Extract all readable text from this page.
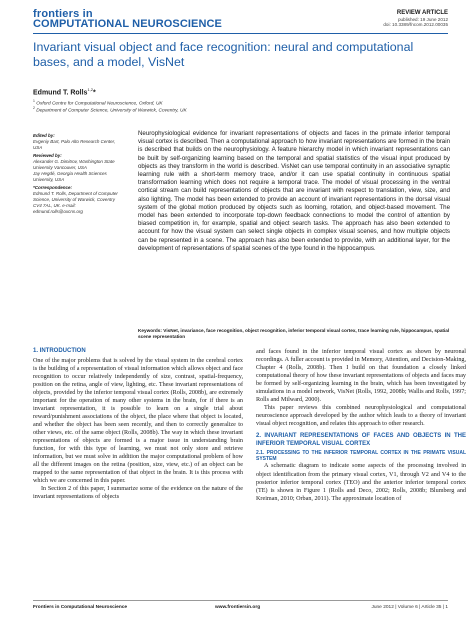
frontiers in
COMPUTATIONAL NEUROSCIENCE
REVIEW ARTICLE
published: 19 June 2012
doi: 10.3389/fncom.2012.00035
Invariant visual object and face recognition: neural and computational bases, and a model, VisNet
Edmund T. Rolls$^{1,2}$*
$^1$ Oxford Centre for Computational Neuroscience, Oxford, UK
$^2$ Department of Computer Science, University of Warwick, Coventry, UK
Edited by:
Evgeniy Bart, Palo Alto Research Center, USA
Reviewed by:
Alexander G. Dimitrov, Washington State University Vancouver, USA
Jay Hegdé, Georgia Health Sciences University, USA
*Correspondence:
Edmund T. Rolls, Department of Computer Science, University of Warwick, Coventry CV4 7AL, UK. e-mail: edmund.rolls@oxcns.org
Neurophysiological evidence for invariant representations of objects and faces in the primate inferior temporal visual cortex is described. Then a computational approach to how invariant representations are formed in the brain is described that builds on the neurophysiology. A feature hierarchy model in which invariant representations can be built by self-organizing learning based on the temporal and spatial statistics of the visual input produced by objects as they transform in the world is described. VisNet can use temporal continuity in an associative synaptic learning rule with a short-term memory trace, and/or it can use spatial continuity in continuous spatial transformation learning which does not require a temporal trace. The model of visual processing in the ventral cortical stream can build representations of objects that are invariant with respect to translation, view, size, and also lighting. The model has been extended to provide an account of invariant representations in the dorsal visual system of the global motion produced by objects such as looming, rotation, and object-based movement. The model has been extended to incorporate top-down feedback connections to model the control of attention by biased competition in, for example, spatial and object search tasks. The approach has also been extended to account for how the visual system can select single objects in complex visual scenes, and how multiple objects can be represented in a scene. The approach has also been extended to provide, with an additional layer, for the development of representations of spatial scenes of the type found in the hippocampus.
Keywords: VisNet, invariance, face recognition, object recognition, inferior temporal visual cortex, trace learning rule, hippocampus, spatial scene representation
1. INTRODUCTION
One of the major problems that is solved by the visual system in the cerebral cortex is the building of a representation of visual information which allows object and face recognition to occur relatively independently of size, contrast, spatial-frequency, position on the retina, angle of view, lighting, etc. These invariant representations of objects, provided by the inferior temporal visual cortex (Rolls, 2008b), are extremely important for the operation of many other systems in the brain, for if there is an invariant representation, it is possible to learn on a single trial about reward/punishment associations of the object, the place where that object is located, and whether the object has been seen recently, and then to correctly generalize to other views, etc. of the same object (Rolls, 2008b). The way in which these invariant representations of objects are formed is a major issue in understanding brain function, for with this type of learning, we must not only store and retrieve information, but we must solve in addition the major computational problem of how all the different images on the retina (position, size, view, etc.) of an object can be mapped to the same representation of that object in the brain. It is this process with which we are concerned in this paper.
In Section 2 of this paper, I summarize some of the evidence on the nature of the invariant representations of objects
and faces found in the inferior temporal visual cortex as shown by neuronal recordings. A fuller account is provided in Memory, Attention, and Decision-Making, Chapter 4 (Rolls, 2008b). Then I build on that foundation a closely linked computational theory of how these invariant representations of objects and faces may be formed by self-organizing learning in the brain, which has been investigated by simulations in a model network, VisNet (Rolls, 1992, 2008b; Wallis and Rolls, 1997; Rolls and Milward, 2000).
This paper reviews this combined neurophysiological and computational neuroscience approach developed by the author which leads to a theory of invariant visual object recognition, and relates this approach to other research.
2. INVARIANT REPRESENTATIONS OF FACES AND OBJECTS IN THE INFERIOR TEMPORAL VISUAL CORTEX
2.1. PROCESSING TO THE INFERIOR TEMPORAL CORTEX IN THE PRIMATE VISUAL SYSTEM
A schematic diagram to indicate some aspects of the processing involved in object identification from the primary visual cortex, V1, through V2 and V4 to the posterior inferior temporal cortex (TEO) and the anterior inferior temporal cortex (TE) is shown in Figure 1 (Rolls and Deco, 2002; Rolls, 2008b; Blumberg and Kreiman, 2010; Orban, 2011). The approximate location of
Frontiers in Computational Neuroscience	www.frontiersin.org	June 2012 | Volume 6 | Article 35 | 1
